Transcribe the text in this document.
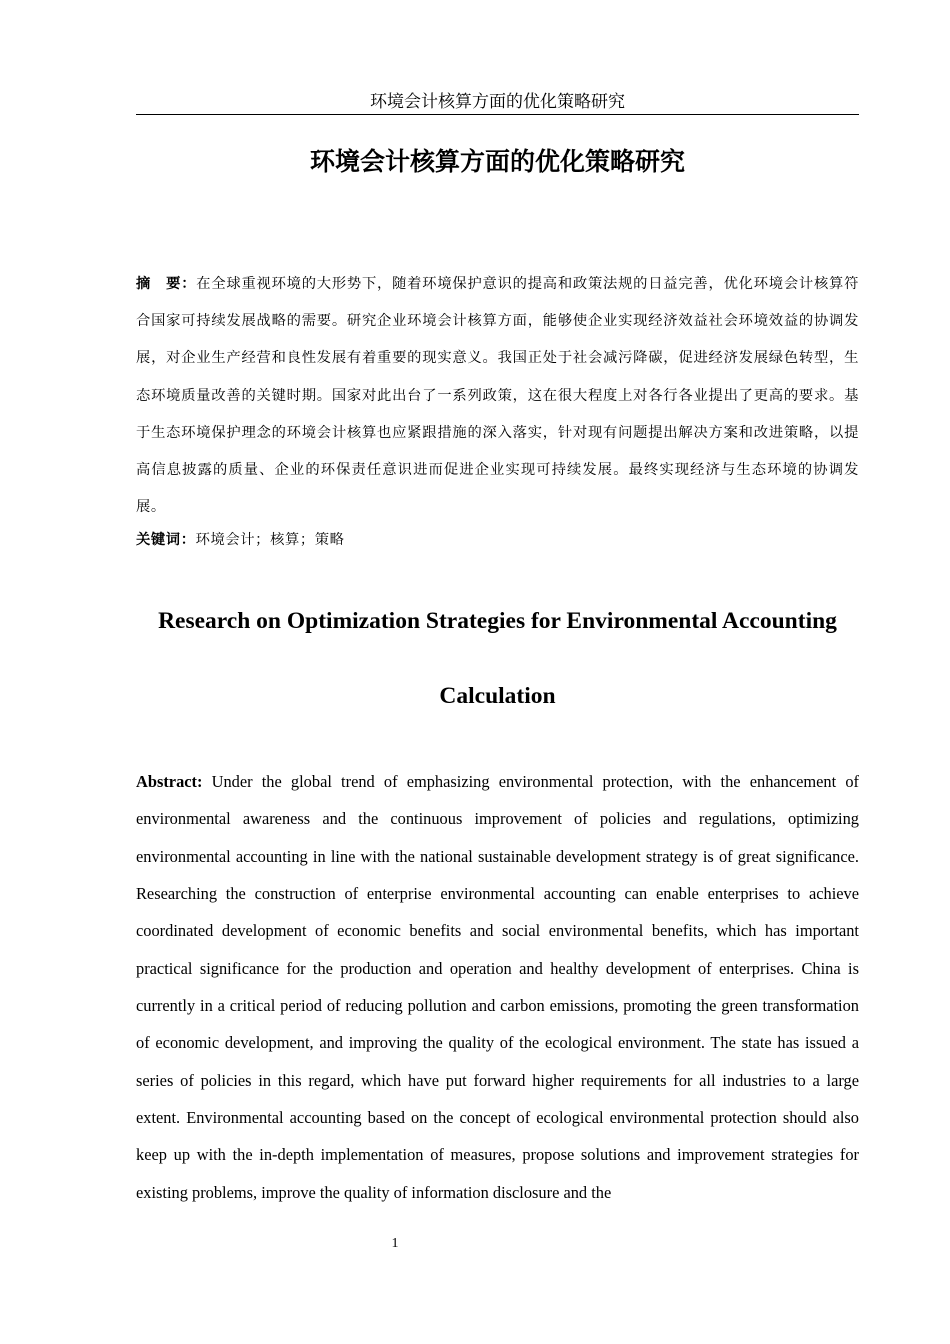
环境会计核算方面的优化策略研究
环境会计核算方面的优化策略研究
摘　要：在全球重视环境的大形势下，随着环境保护意识的提高和政策法规的日益完善，优化环境会计核算符合国家可持续发展战略的需要。研究企业环境会计核算方面，能够使企业实现经济效益社会环境效益的协调发展，对企业生产经营和良性发展有着重要的现实意义。我国正处于社会减污降碳，促进经济发展绿色转型，生态环境质量改善的关键时期。国家对此出台了一系列政策，这在很大程度上对各行各业提出了更高的要求。基于生态环境保护理念的环境会计核算也应紧跟措施的深入落实，针对现有问题提出解决方案和改进策略，以提高信息披露的质量、企业的环保责任意识进而促进企业实现可持续发展。最终实现经济与生态环境的协调发展。
关键词：环境会计；核算；策略
Research on Optimization Strategies for Environmental Accounting Calculation
Abstract: Under the global trend of emphasizing environmental protection, with the enhancement of environmental awareness and the continuous improvement of policies and regulations, optimizing environmental accounting in line with the national sustainable development strategy is of great significance. Researching the construction of enterprise environmental accounting can enable enterprises to achieve coordinated development of economic benefits and social environmental benefits, which has important practical significance for the production and operation and healthy development of enterprises. China is currently in a critical period of reducing pollution and carbon emissions, promoting the green transformation of economic development, and improving the quality of the ecological environment. The state has issued a series of policies in this regard, which have put forward higher requirements for all industries to a large extent. Environmental accounting based on the concept of ecological environmental protection should also keep up with the in-depth implementation of measures, propose solutions and improvement strategies for existing problems, improve the quality of information disclosure and the
1
